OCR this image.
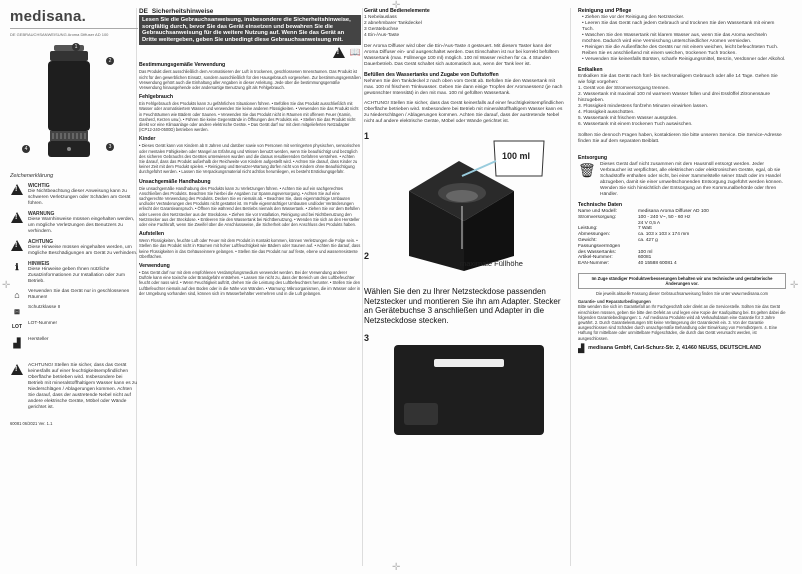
✛
✛	✛
✛
medisana.
DE GEBRAUCHSANWEISUNG Aroma Diffuser AD 100
1
2
3
4
Zeichenerklärung
!
WICHTIG
Die Nichtbeachtung dieser Anweisung kann zu schweren Verletzungen oder Schäden am Gerät führen.
!
WARNUNG
Diese Warnhinweise müssen eingehalten werden, um mögliche Verletzungen des Benutzers zu verhindern.
!
ACHTUNG
Diese Hinweise müssen eingehalten werden, um mögliche Beschädigungen am Gerät zu verhindern.
ℹ	HINWEIS
Diese Hinweise geben Ihnen nützliche Zusatzinformationen zur Installation oder zum Betrieb.
⌂	Verwenden Sie das Gerät nur in geschlossenen Räumen!
⧈	Schutzklasse II
LOT
LOT-Nummer
▟	Hersteller
!
ACHTUNG! Stellen Sie sicher, dass das Gerät keinesfalls auf einer feuchtigkeitsempfindlichen Oberfläche betrieben wird. Insbesondere bei Betrieb mit mineralstoffhaltigem Wasser kann es zu Niederschlägen / Ablagerungen kommen. Achten Sie darauf, dass der austretende Nebel nicht auf andere elektrische Geräte, Möbel oder Wände gerichtet ist.
60081 06/2021 Ver. 1.1
DE Sicherheitshinweise
Lesen Sie die Gebrauchsanweisung, insbesondere die Sicherheitshinweise, sorgfältig durch, bevor Sie das Gerät einsetzen und bewahren Sie die Gebrauchsanweisung für die weitere Nutzung auf. Wenn Sie das Gerät an Dritte weitergeben, geben Sie unbedingt diese Gebrauchsanweisung mit.
!
📖
Bestimmungsgemäße Verwendung
Das Produkt dient ausschließlich dem Aromatisieren der Luft in trockenen, geschlossenen Innenräumen. Das Produkt ist nicht für den gewerblichen Einsatz, sondern ausschließlich für den Hausgebrauch vorgesehen. Zur bestimmungsgemäßen Verwendung gehört auch die Einhaltung aller Angaben in dieser Anleitung. Jede über die bestimmungsgemäße Verwendung hinausgehende oder andersartige Benutzung gilt als Fehlgebrauch.
Fehlgebrauch
Ein Fehlgebrauch des Produkts kann zu gefährlichen Situationen führen. • Befüllen Sie das Produkt ausschließlich mit Wasser oder aromatisiertem Wasser und verwenden Sie keine anderen Flüssigkeiten. • Verwenden Sie das Produkt nicht in Feuchträumen wie Bädern oder Saunen. • Verwenden Sie das Produkt nicht in Räumen mit offenem Feuer (Kamin, Gasherd, Kerzen usw.). • Führen Sie keine Gegenstände in Öffnungen des Produkts ein. • Stellen Sie das Produkt nicht direkt vor eine Klimaanlage oder andere elektrische Geräte. • Das Gerät darf nur mit dem mitgelieferten Netzadapter (ICP12-240-0500D) betrieben werden.
Kinder
• Dieses Gerät kann von Kindern ab 8 Jahren und darüber sowie von Personen mit verringerten physischen, sensorischen oder mentalen Fähigkeiten oder Mangel an Erfahrung und Wissen benutzt werden, wenn Sie beaufsichtigt und bezüglich des sicheren Gebrauchs des Gerätes unterwiesen wurden und die daraus resultierenden Gefahren verstehen. • Achten Sie darauf, dass das Produkt außerhalb der Reichweite von Kindern aufgestellt wird. • Achten Sie darauf, dass Kinder zu keiner Zeit mit dem Produkt spielen. • Reinigung und Benutzer-Wartung dürfen nicht von Kindern ohne Beaufsichtigung durchgeführt werden. • Lassen Sie Verpackungsmaterial nicht achtlos herumliegen, es besteht Erstickungsgefahr.
Unsachgemäße Handhabung
Die unsachgemäße Handhabung des Produkts kann zu Verletzungen führen. • Achten Sie auf ein sachgerechtes Anschließen des Produkts. Beachten Sie hierbei die Angaben zur Spannungsversorgung. • Achten Sie auf eine sachgerechte Verwendung des Produkts. Decken Sie es niemals ab. • Beachten Sie, dass eigenmächtige Umbauten und/oder Veränderungen des Produkts nicht gestattet ist. Im Falle eigenmächtiger Umbauten und/oder Veränderungen erlischt der Garantieanspruch. • Öffnen Sie während des Betriebs niemals den Wassertank. • Ziehen Sie vor dem Befüllen oder Leeren den Netzstecker aus der Steckdose. • Ziehen Sie vor Installation, Reinigung und bei Nichtbenutzung den Netzstecker aus der Steckdose. • Entleeren Sie den Wassertank bei Nichtbenutzung. • Wenden Sie sich an den Hersteller oder eine Fachkraft, wenn Sie Zweifel über die Anschlussweise, die Sicherheit oder den Anschluss des Produkts haben.
Aufstellen
Wenn Flüssigkeiten, feuchte Luft oder Feuer mit dem Produkt in Kontakt kommen, können Verletzungen die Folge sein. • Stellen Sie das Produkt nicht in Räumen mit hoher Luftfeuchtigkeit wie Bädern oder Saunen auf. • Achten Sie darauf, dass keine Flüssigkeiten in das Gehäuseinnere gelangen. • Stellen Sie das Produkt nur auf feste, ebene und wasserresistente Oberflächen.
Verwendung
• Das Gerät darf nur mit dem empfohlenen Verdampfungsmedium verwendet werden. Bei der Verwendung anderer Duftöle kann eine toxische oder Brandgefahr entstehen. • Lassen Sie nicht zu, dass der Bereich um den Luftbefeuchter feucht oder nass wird. • Wenn Feuchtigkeit auftritt, drehen Sie die Leistung des Luftbefeuchters herunter. • Stellen Sie den Luftbefeuchter niemals auf den Boden oder in die Nähe von Wänden. • Warnung: Mikroorganismen, die im Wasser oder in der Umgebung vorhanden sind, können sich im Wasserbehälter vermehren und in die Luft gelangen.
Gerät und Bedienelemente
1 Nebelauslass
2 abnehmbarer Tankdeckel
3 Gerätebuchse
4 Ein-/Aus-Taste
Der Aroma Diffuser wird über die Ein-/Aus-Taste 4 gesteuert. Mit diesem Taster kann der Aroma Diffuser ein- und ausgeschaltet werden. Das Einschalten ist nur bei korrekt befülltem Wassertank (max. Füllmenge 100 ml) möglich. 100 ml Wasser reichen für ca. 4 Stunden Dauerbetrieb. Das Gerät schaltet sich automatisch aus, wenn der Tank leer ist.
Befüllen des Wassertanks und Zugabe von Duftstoffen
Nehmen Sie den Tankdeckel 2 nach oben vom Gerät ab. Befüllen Sie den Wassertank mit max. 100 ml frischem Trinkwasser. Geben Sie dann einige Tropfen der Aromaessenz (je nach gewünschter Intensität) in den mit max. 100 ml gefüllten Wassertank.
ACHTUNG! Stellen Sie sicher, dass das Gerät keinesfalls auf einer feuchtigkeitsempfindlichen Oberfläche betrieben wird. Insbesondere bei Betrieb mit mineralstoffhaltigem Wasser kann es zu Niederschlägen / Ablagerungen kommen. Achten Sie darauf, dass der austretende Nebel nicht auf andere elektrische Geräte, Möbel oder Wände gerichtet ist.
1
100 ml
2
maximale Füllhöhe
Wählen Sie den zu Ihrer Netzsteckdose passenden Netzstecker und montieren Sie ihn am Adapter. Stecker an Gerätebuchse 3 anschließen und Adapter in die Netzsteckdose stecken.
3
Reinigung und Pflege
• Ziehen Sie vor der Reinigung den Netzstecker.
• Leeren Sie das Gerät nach jedem Gebrauch und trocknen Sie den Wassertank mit einem Tuch.
• Waschen Sie den Wassertank mit klarem Wasser aus, wenn Sie das Aroma wechseln möchten. Dadurch wird eine Vermischung unterschiedlicher Aromen vermieden.
• Reinigen Sie die Außenfläche des Geräts nur mit einem weichen, leicht befeuchteten Tuch. Reiben Sie es anschließend mit einem weichen, trockenen Tuch trocken.
• Verwenden Sie keinesfalls Bürsten, scharfe Reinigungsmittel, Benzin, Verdünner oder Alkohol.
Entkalken
Entkalken Sie das Gerät nach fünf- bis sechsmaligem Gebrauch oder alle 14 Tage. Gehen Sie wie folgt vorgehen:
1. Gerät von der Stromversorgung trennen.
2. Wassertank mit maximal 100 ml warmem Wasser füllen und drei Esslöffel Zitronensäure hinzugeben.
3. Flüssigkeit mindestens fünfzehn Minuten einwirken lassen.
4. Flüssigkeit ausschütten.
5. Wassertank mit frischem Wasser ausspülen.
6. Wassertank mit einem trockenen Tuch auswischen.
Sollten Sie dennoch Fragen haben, kontaktieren Sie bitte unseren Service. Die Service-Adresse finden Sie auf dem separaten Beiblatt.
Entsorgung
🗑 Dieses Gerät darf nicht zusammen mit dem Hausmüll entsorgt werden. Jeder Verbraucher ist verpflichtet, alle elektrischen oder elektronischen Geräte, egal, ob sie Schadstoffe enthalten oder nicht, bei einer Sammelstelle seiner Stadt oder im Handel abzugeben, damit sie einer umweltschonenden Entsorgung zugeführt werden können. Wenden Sie sich hinsichtlich der Entsorgung an Ihre Kommunalbehörde oder Ihren Händler.
Technische Daten
Name und Modell:	medisana Aroma Diffuser AD 100
Stromversorgung:	100 - 240 V~, 50 - 60 Hz
24 V 0,5 A
Leistung:	7 Watt
Abmessungen:	ca. 103 x 103 x 174 mm
Gewicht:	ca. 427 g
Fassungsvermögen
des Wassertanks:	100 ml
Artikel-Nummer:	60081
EAN-Nummer:	40 15588 60081 4
Im Zuge ständiger Produktverbesserungen behalten wir uns technische und gestalterische Änderungen vor.
Die jeweils aktuelle Fassung dieser Gebrauchsanweisung finden Sie unter www.medisana.com
Garantie- und Reparaturbedingungen
Bitte wenden Sie sich im Garantiefall an Ihr Fachgeschäft oder direkt an die Servicestelle. Sollten Sie das Gerät einschicken müssen, geben Sie bitte den Defekt an und legen eine Kopie der Kaufquittung bei. Es gelten dabei die folgenden Garantiebedingungen: 1. Auf medisana Produkte wird ab Verkaufsdatum eine Garantie für 3 Jahre gewährt. 2. Durch Garantieleistungen tritt keine Verlängerung der Garantiezeit ein. 3. Von der Garantie ausgeschlossen sind Schäden durch unsachgemäße Behandlung oder Einwirkung von Fremdkörpern. 4. Eine Haftung für mittelbare oder unmittelbare Folgeschäden, die durch das Gerät verursacht werden, ist ausgeschlossen.
▟ medisana GmbH, Carl-Schurz-Str. 2, 41460 NEUSS, DEUTSCHLAND
